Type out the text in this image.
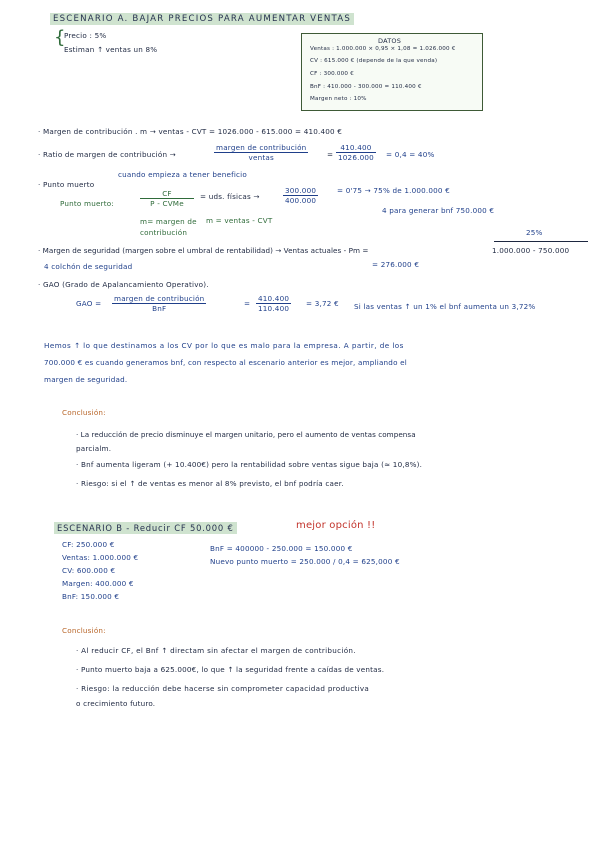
ESCENARIO A. BAJAR PRECIOS PARA AUMENTAR VENTAS
{
Precio : 5%
Estiman ↑ ventas un 8%
DATOS
Ventas : 1.000.000 × 0,95 × 1,08 = 1.026.000 €
CV : 615.000 € (depende de la que venda)
CF : 300.000 €
BnF : 410.000 - 300.000 = 110.400 €
Margen neto : 10%
· Margen de contribución . m → ventas - CVT = 1026.000 - 615.000 = 410.400 €
· Ratio de margen de contribución →
margen de contribución
ventas	= $\frac{410.400}{1026.000} = 0,4 = 40\%$
· Punto muerto
cuando empieza a tener beneficio
Punto muerto:
CF
P - CVMe
= uds. físicas →	$\frac{300.000}{400.000}$	= 0'75 → 75% de 1.000.000 €
m= margen de contribución
m = ventas - CVT
4 para generar bnf 750.000 €
25%
· Margen de seguridad (margen sobre el umbral de rentabilidad) → Ventas actuales - Pm =	1.000.000 - 750.000
4 colchón de seguridad	= 276.000 €
· GAO (Grado de Apalancamiento Operativo).
GAO =
margen de contribución
BnF
= $\frac{410.400}{110.400} = 3,72$ € Si las ventas ↑ un 1% el bnf aumenta un 3,72%
Hemos ↑ lo que destinamos a los CV por lo que es malo para la empresa. A partir, de los
700.000 € es cuando generamos bnf, con respecto al escenario anterior es mejor, ampliando el
margen de seguridad.
Conclusión:
· La reducción de precio disminuye el margen unitario, pero el aumento de ventas compensa
parcialm.
· Bnf aumenta ligeram (+ 10.400€) pero la rentabilidad sobre ventas sigue baja (≈ 10,8%).
· Riesgo: si el ↑ de ventas es menor al 8% previsto, el bnf podría caer.
ESCENARIO B - Reducir CF 50.000 €	mejor opción !!
CF: 250.000 €
Ventas: 1.000.000 €
CV: 600.000 €
Margen: 400.000 €
BnF: 150.000 €
BnF = 400000 - 250.000 = 150.000 €
Nuevo punto muerto = 250.000 / 0,4 = 625,000 €
Conclusión:
· Al reducir CF, el Bnf ↑ directam sin afectar el margen de contribución.
· Punto muerto baja a 625.000€, lo que ↑ la seguridad frente a caídas de ventas.
· Riesgo: la reducción debe hacerse sin comprometer capacidad productiva
o crecimiento futuro.
